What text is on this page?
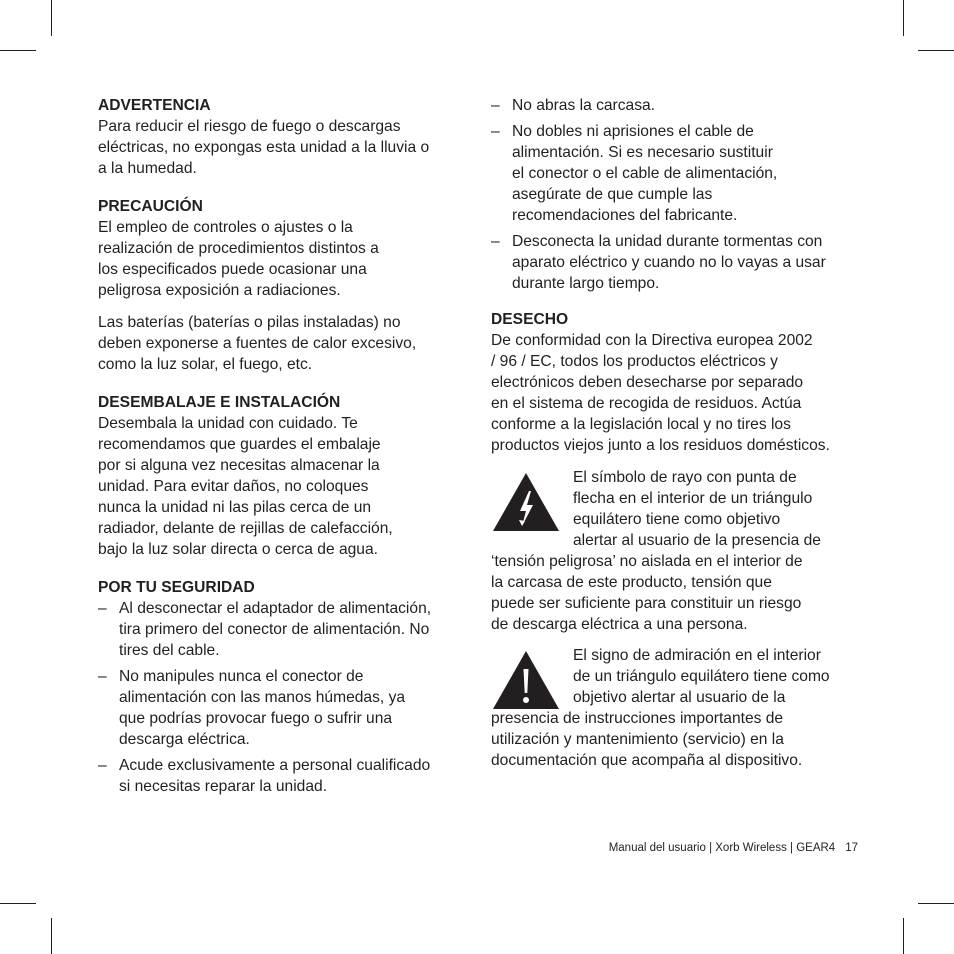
ADVERTENCIA

Para reducir el riesgo de fuego o descargas
eléctricas, no expongas esta unidad a la lluvia o
a la humedad.

PRECAUCIÓN

El empleo de controles o ajustes o la
realización de procedimientos distintos a
los especificados puede ocasionar una
peligrosa exposición a radiaciones.

Las baterías (baterías o pilas instaladas) no
deben exponerse a fuentes de calor excesivo,
como la luz solar, el fuego, etc.

DESEMBALAJE E INSTALACIÓN

Desembala la unidad con cuidado. Te
recomendamos que guardes el embalaje
por si alguna vez necesitas almacenar la
unidad. Para evitar daños, no coloques
nunca la unidad ni las pilas cerca de un
radiador, delante de rejillas de calefacción,
bajo la luz solar directa o cerca de agua.

POR TU SEGURIDAD
– Al desconectar el adaptador de alimentación,
tira primero del conector de alimentación. No
tires del cable.
– No manipules nunca el conector de
alimentación con las manos húmedas, ya
que podrías provocar fuego o sufrir una
descarga eléctrica.
– Acude exclusivamente a personal cualificado
si necesitas reparar la unidad.
– No abras la carcasa.
– No dobles ni aprisiones el cable de
alimentación. Si es necesario sustituir
el conector o el cable de alimentación,
asegúrate de que cumple las
recomendaciones del fabricante.
– Desconecta la unidad durante tormentas con
aparato eléctrico y cuando no lo vayas a usar
durante largo tiempo.
DESECHO

De conformidad con la Directiva europea 2002
/ 96 / EC, todos los productos eléctricos y
electrónicos deben desecharse por separado
en el sistema de recogida de residuos. Actúa
conforme a la legislación local y no tires los
productos viejos junto a los residuos domésticos.

El símbolo de rayo con punta de
flecha en el interior de un triángulo
equilátero tiene como objetivo
alertar al usuario de la presencia de
‘tensión peligrosa’ no aislada en el interior de
la carcasa de este producto, tensión que
puede ser suficiente para constituir un riesgo
de descarga eléctrica a una persona.
El signo de admiración en el interior
de un triángulo equilátero tiene como
objetivo alertar al usuario de la
presencia de instrucciones importantes de
utilización y mantenimiento (servicio) en la
documentación que acompaña al dispositivo.
Manual del usuario | Xorb Wireless | GEAR4 17
